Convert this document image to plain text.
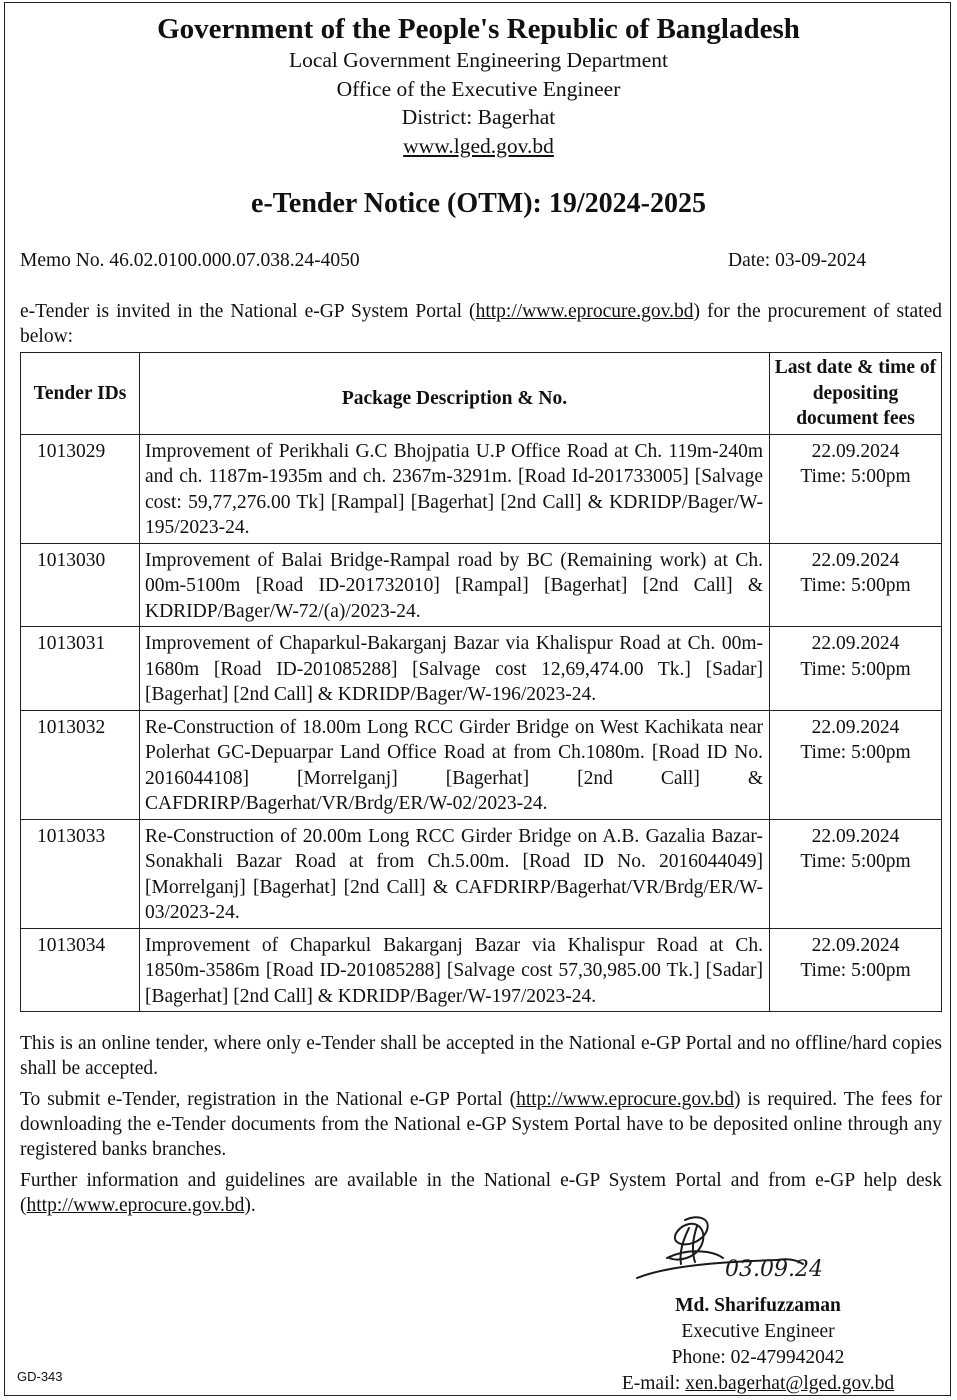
Government of the People's Republic of Bangladesh
Local Government Engineering Department
Office of the Executive Engineer
District: Bagerhat
www.lged.gov.bd
e-Tender Notice (OTM): 19/2024-2025
Memo No. 46.02.0100.000.07.038.24-4050	Date: 03-09-2024
e-Tender is invited in the National e-GP System Portal (http://www.eprocure.gov.bd) for the procurement of stated below:
Tender IDs	Package Description & No.	Last date & time of depositing document fees
1013029	Improvement of Perikhali G.C Bhojpatia U.P Office Road at Ch. 119m-240m and ch. 1187m-1935m and ch. 2367m-3291m. [Road Id-201733005] [Salvage cost: 59,77,276.00 Tk] [Rampal] [Bagerhat] [2nd Call] & KDRIDP/Bager/W-195/2023-24.	22.09.2024
Time: 5:00pm

1013030	Improvement of Balai Bridge-Rampal road by BC (Remaining work) at Ch. 00m-5100m [Road ID-201732010] [Rampal] [Bagerhat] [2nd Call] & KDRIDP/Bager/W-72/(a)/2023-24.	22.09.2024
Time: 5:00pm

1013031	Improvement of Chaparkul-Bakarganj Bazar via Khalispur Road at Ch. 00m-1680m [Road ID-201085288] [Salvage cost 12,69,474.00 Tk.] [Sadar] [Bagerhat] [2nd Call] & KDRIDP/Bager/W-196/2023-24.	22.09.2024
Time: 5:00pm

1013032	Re-Construction of 18.00m Long RCC Girder Bridge on West Kachikata near Polerhat GC-Depuarpar Land Office Road at from Ch.1080m. [Road ID No. 2016044108] [Morrelganj] [Bagerhat] [2nd Call] & CAFDRIRP/Bagerhat/VR/Brdg/ER/W-02/2023-24.	22.09.2024
Time: 5:00pm

1013033	Re-Construction of 20.00m Long RCC Girder Bridge on A.B. Gazalia Bazar-Sonakhali Bazar Road at from Ch.5.00m. [Road ID No. 2016044049] [Morrelganj] [Bagerhat] [2nd Call] & CAFDRIRP/Bagerhat/VR/Brdg/ER/W-03/2023-24.	22.09.2024
Time: 5:00pm

1013034	Improvement of Chaparkul Bakarganj Bazar via Khalispur Road at Ch. 1850m-3586m [Road ID-201085288] [Salvage cost 57,30,985.00 Tk.] [Sadar] [Bagerhat] [2nd Call] & KDRIDP/Bager/W-197/2023-24.	22.09.2024
Time: 5:00pm
This is an online tender, where only e-Tender shall be accepted in the National e-GP Portal and no offline/hard copies shall be accepted.
To submit e-Tender, registration in the National e-GP Portal (http://www.eprocure.gov.bd) is required. The fees for downloading the e-Tender documents from the National e-GP System Portal have to be deposited online through any registered banks branches.
Further information and guidelines are available in the National e-GP System Portal and from e-GP help desk (http://www.eprocure.gov.bd).
03.09.24
Md. Sharifuzzaman
Executive Engineer
Phone: 02-479942042
E-mail: xen.bagerhat@lged.gov.bd
GD-343
